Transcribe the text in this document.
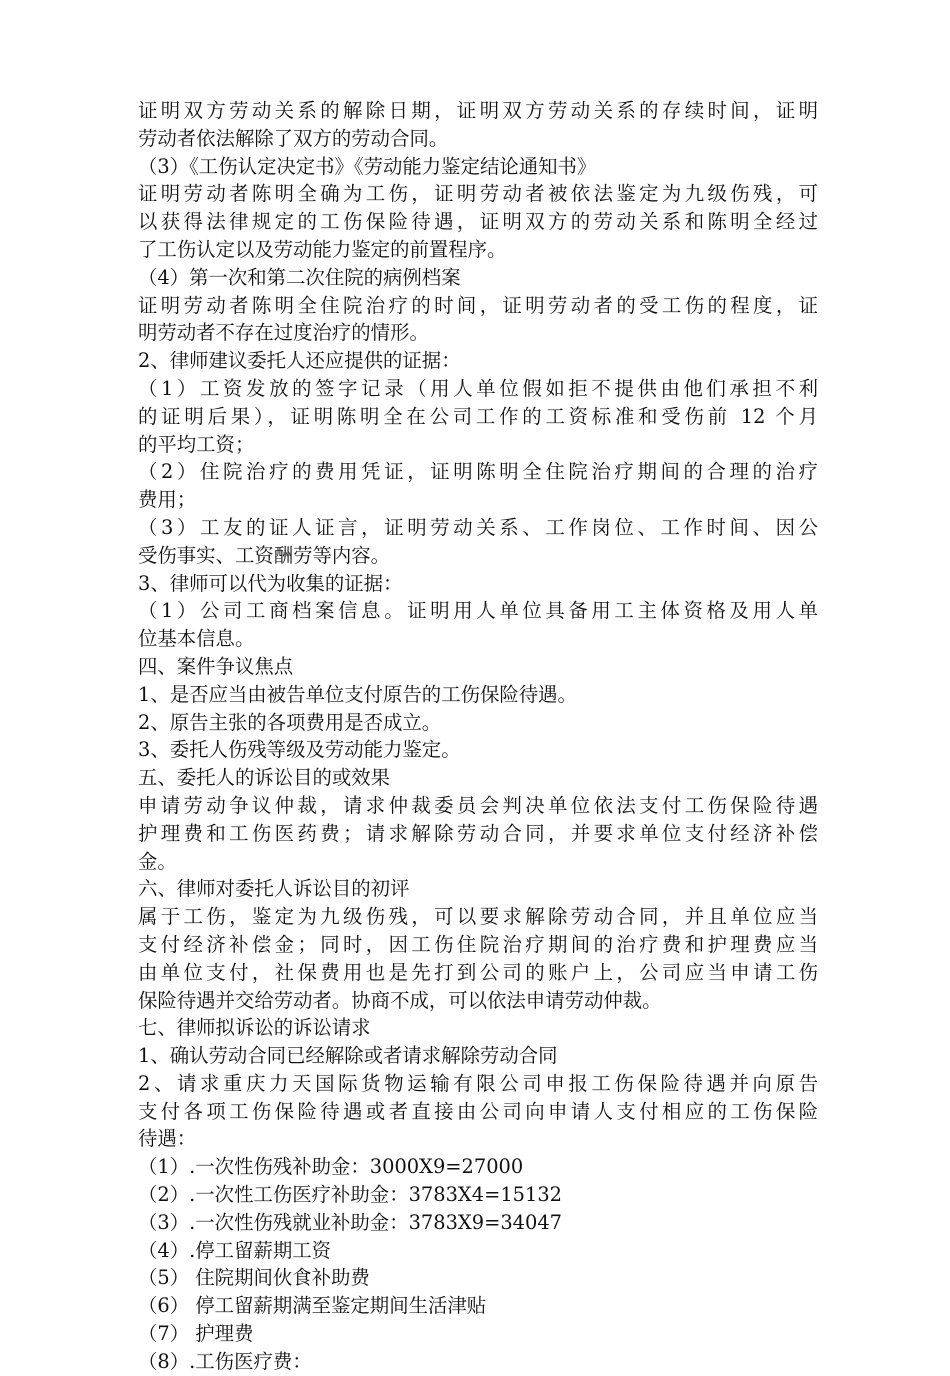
证明双方劳动关系的解除日期，证明双方劳动关系的存续时间，证明
劳动者依法解除了双方的劳动合同。
（3）《工伤认定决定书》《劳动能力鉴定结论通知书》
证明劳动者陈明全确为工伤，证明劳动者被依法鉴定为九级伤残，可
以获得法律规定的工伤保险待遇，证明双方的劳动关系和陈明全经过
了工伤认定以及劳动能力鉴定的前置程序。
（4）第一次和第二次住院的病例档案
证明劳动者陈明全住院治疗的时间，证明劳动者的受工伤的程度，证
明劳动者不存在过度治疗的情形。
2、律师建议委托人还应提供的证据：
（1）工资发放的签字记录（用人单位假如拒不提供由他们承担不利
的证明后果），证明陈明全在公司工作的工资标准和受伤前 12 个月
的平均工资；
（2）住院治疗的费用凭证，证明陈明全住院治疗期间的合理的治疗
费用；
（3）工友的证人证言，证明劳动关系、工作岗位、工作时间、因公
受伤事实、工资酬劳等内容。
3、律师可以代为收集的证据：
（1）公司工商档案信息。证明用人单位具备用工主体资格及用人单
位基本信息。
四、案件争议焦点
1、是否应当由被告单位支付原告的工伤保险待遇。
2、原告主张的各项费用是否成立。
3、委托人伤残等级及劳动能力鉴定。
五、委托人的诉讼目的或效果
申请劳动争议仲裁，请求仲裁委员会判决单位依法支付工伤保险待遇
护理费和工伤医药费；请求解除劳动合同，并要求单位支付经济补偿
金。
六、律师对委托人诉讼目的初评
属于工伤，鉴定为九级伤残，可以要求解除劳动合同，并且单位应当
支付经济补偿金；同时，因工伤住院治疗期间的治疗费和护理费应当
由单位支付，社保费用也是先打到公司的账户上，公司应当申请工伤
保险待遇并交给劳动者。协商不成，可以依法申请劳动仲裁。
七、律师拟诉讼的诉讼请求
1、确认劳动合同已经解除或者请求解除劳动合同
2、请求重庆力天国际货物运输有限公司申报工伤保险待遇并向原告
支付各项工伤保险待遇或者直接由公司向申请人支付相应的工伤保险
待遇：
（1）.一次性伤残补助金：3000X9=27000
（2）.一次性工伤医疗补助金：3783X4=15132
（3）.一次性伤残就业补助金：3783X9=34047
（4）.停工留薪期工资
（5） 住院期间伙食补助费
（6） 停工留薪期满至鉴定期间生活津贴
（7） 护理费
（8）.工伤医疗费：
